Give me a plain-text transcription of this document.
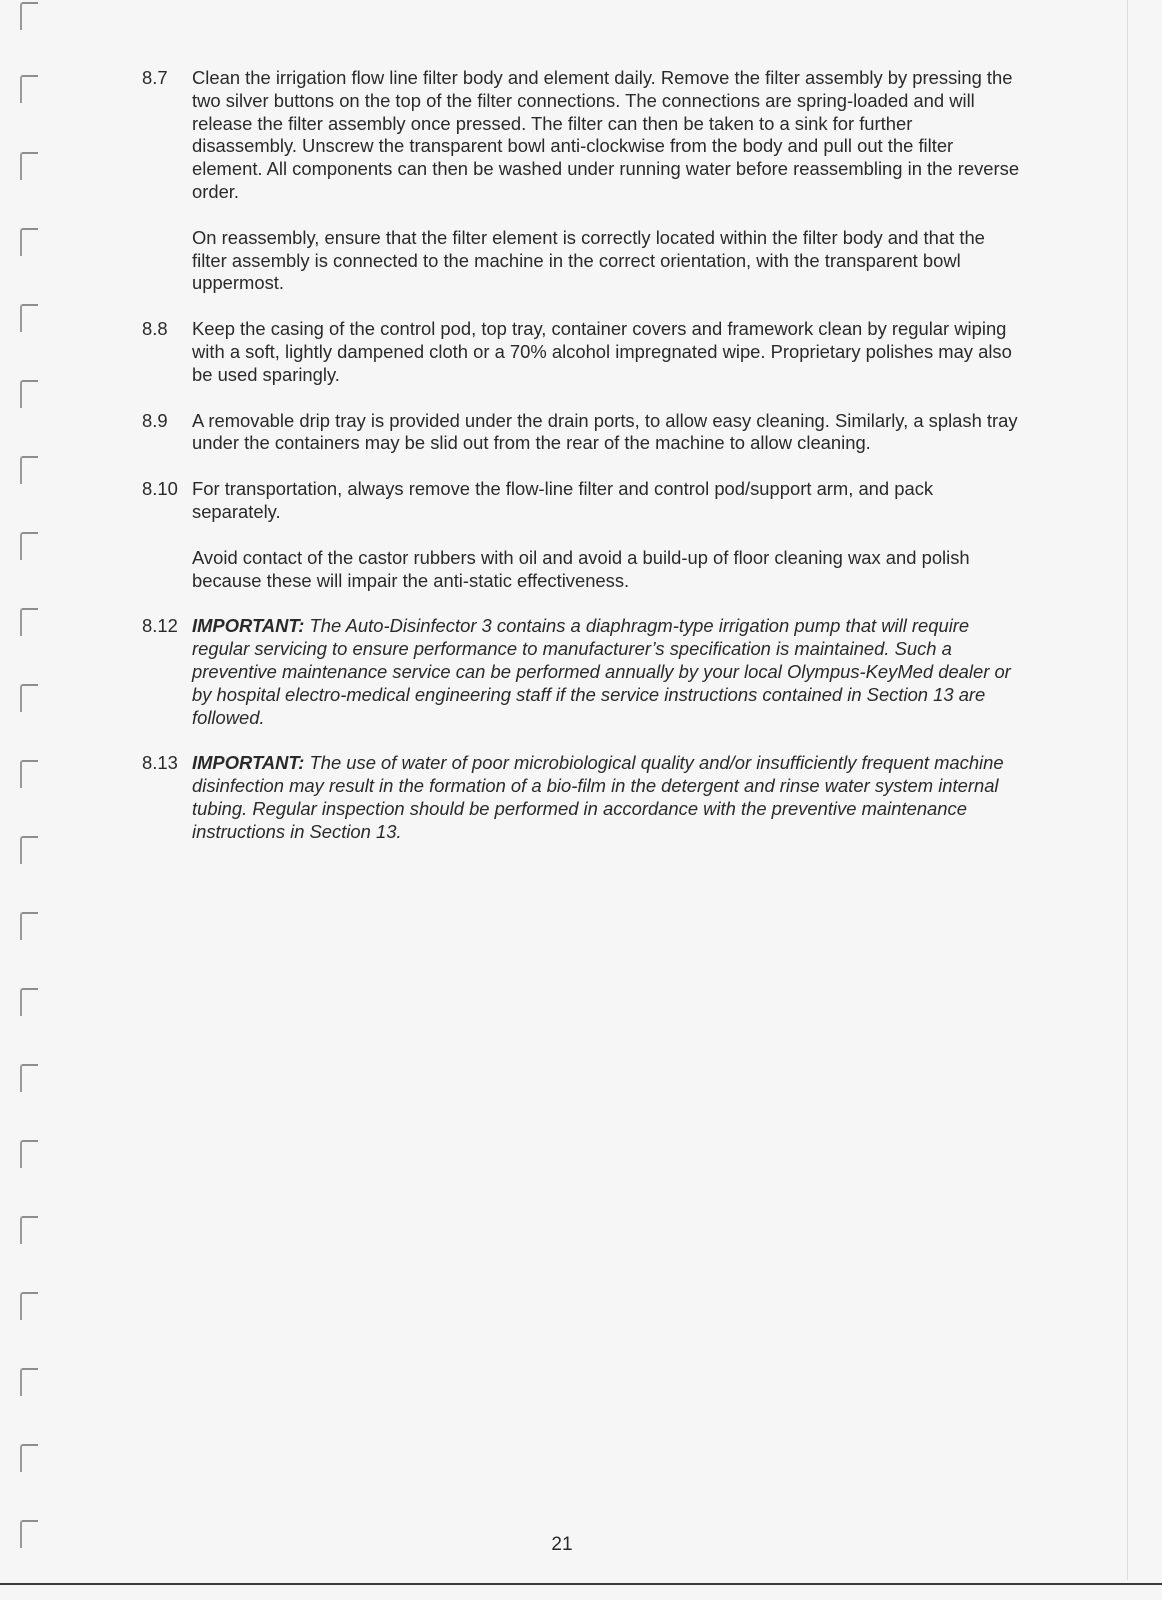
8.7	Clean the irrigation flow line filter body and element daily. Remove the filter assembly by pressing the two silver buttons on the top of the filter connections. The connections are spring-loaded and will release the filter assembly once pressed. The filter can then be taken to a sink for further disassembly. Unscrew the transparent bowl anti-clockwise from the body and pull out the filter element. All components can then be washed under running water before reassembling in the reverse order.

On reassembly, ensure that the filter element is correctly located within the filter body and that the filter assembly is connected to the machine in the correct orientation, with the transparent bowl uppermost.

8.8	Keep the casing of the control pod, top tray, container covers and framework clean by regular wiping with a soft, lightly dampened cloth or a 70% alcohol impregnated wipe. Proprietary polishes may also be used sparingly.

8.9	A removable drip tray is provided under the drain ports, to allow easy cleaning. Similarly, a splash tray under the containers may be slid out from the rear of the machine to allow cleaning.

8.10 For transportation, always remove the flow-line filter and control pod/support arm, and pack separately.

Avoid contact of the castor rubbers with oil and avoid a build-up of floor cleaning wax and polish because these will impair the anti-static effectiveness.

8.12 IMPORTANT: The Auto-Disinfector 3 contains a diaphragm-type irrigation pump that will require regular servicing to ensure performance to manufacturer’s specification is maintained. Such a preventive maintenance service can be performed annually by your local Olympus-KeyMed dealer or by hospital electro-medical engineering staff if the service instructions contained in Section 13 are followed.

8.13 IMPORTANT: The use of water of poor microbiological quality and/or insufficiently frequent machine disinfection may result in the formation of a bio-film in the detergent and rinse water system internal tubing. Regular inspection should be performed in accordance with the preventive maintenance instructions in Section 13.

21
